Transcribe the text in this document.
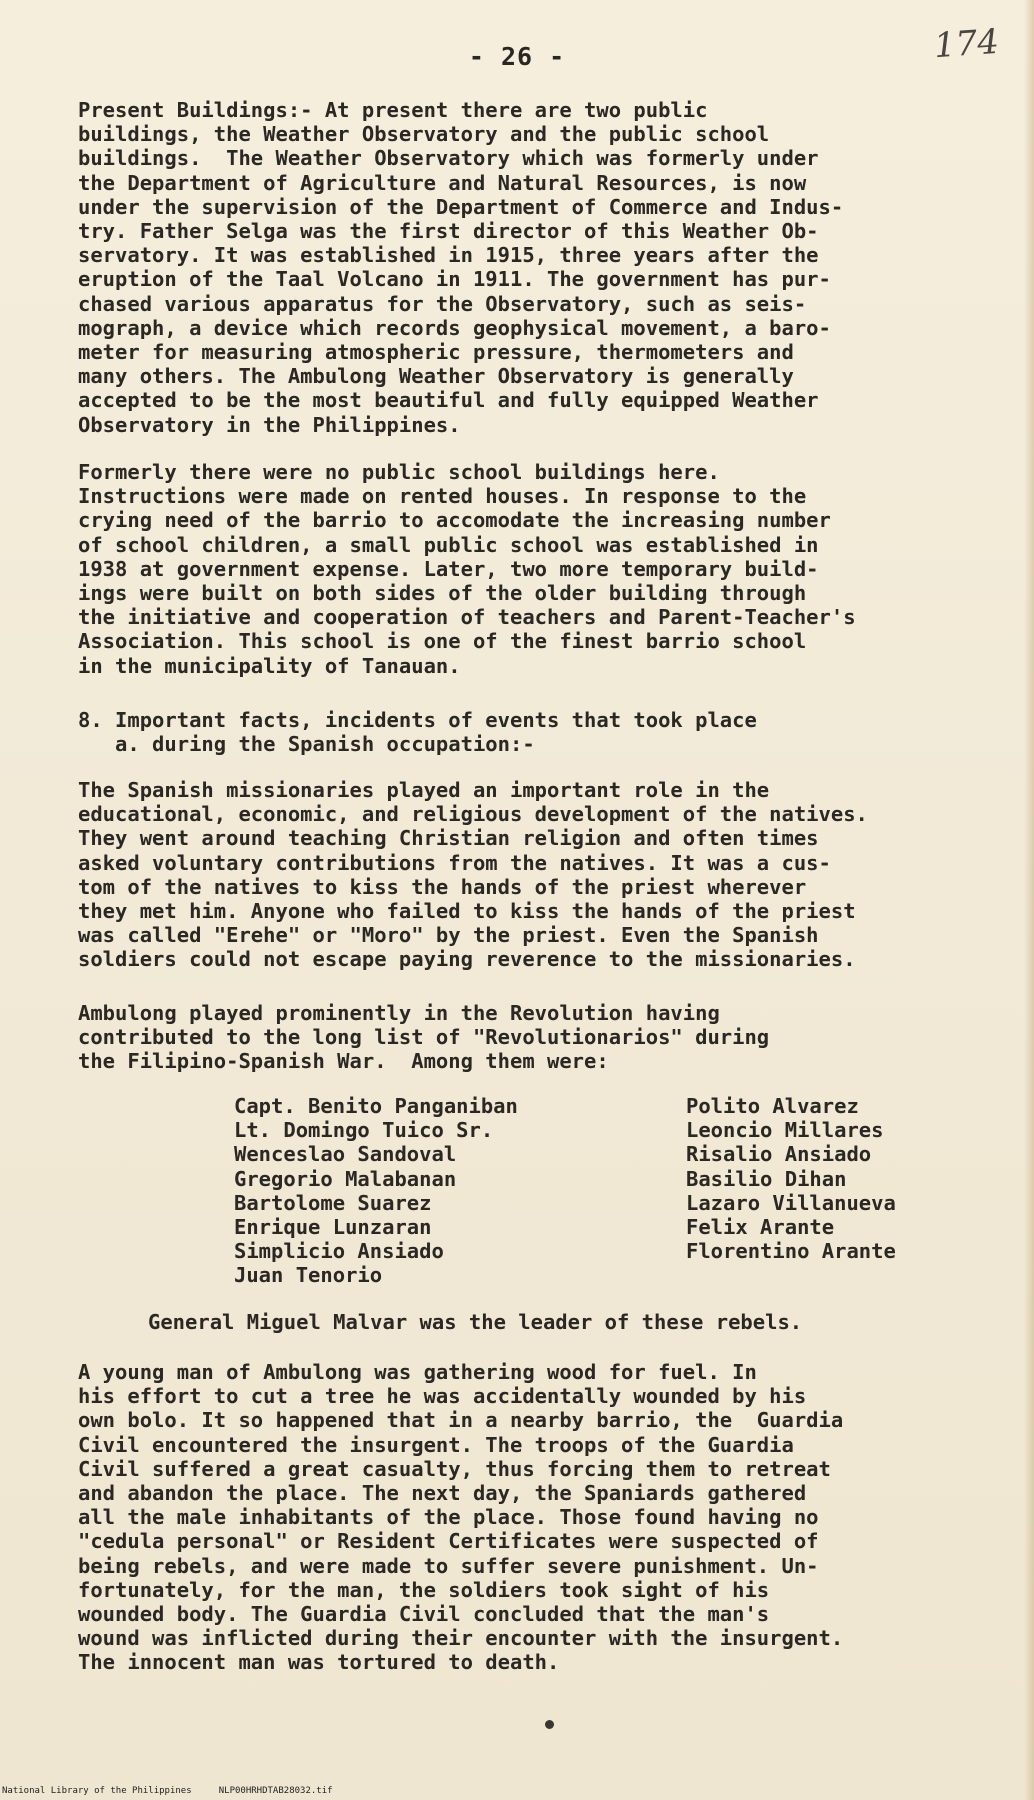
- 26 -	174
Present Buildings:- At present there are two public
buildings, the Weather Observatory and the public school
buildings.  The Weather Observatory which was formerly under
the Department of Agriculture and Natural Resources, is now
under the supervision of the Department of Commerce and Indus-
try. Father Selga was the first director of this Weather Ob-
servatory. It was established in 1915, three years after the
eruption of the Taal Volcano in 1911. The government has pur-
chased various apparatus for the Observatory, such as seis-
mograph, a device which records geophysical movement, a baro-
meter for measuring atmospheric pressure, thermometers and
many others. The Ambulong Weather Observatory is generally
accepted to be the most beautiful and fully equipped Weather
Observatory in the Philippines.
Formerly there were no public school buildings here.
Instructions were made on rented houses. In response to the
crying need of the barrio to accomodate the increasing number
of school children, a small public school was established in
1938 at government expense. Later, two more temporary build-
ings were built on both sides of the older building through
the initiative and cooperation of teachers and Parent-Teacher's
Association. This school is one of the finest barrio school
in the municipality of Tanauan.
8. Important facts, incidents of events that took place
a. during the Spanish occupation:-
The Spanish missionaries played an important role in the
educational, economic, and religious development of the natives.
They went around teaching Christian religion and often times
asked voluntary contributions from the natives. It was a cus-
tom of the natives to kiss the hands of the priest wherever
they met him. Anyone who failed to kiss the hands of the priest
was called "Erehe" or "Moro" by the priest. Even the Spanish
soldiers could not escape paying reverence to the missionaries.
Ambulong played prominently in the Revolution having
contributed to the long list of "Revolutionarios" during
the Filipino-Spanish War.  Among them were:
Capt. Benito Panganiban
Lt. Domingo Tuico Sr.
Wenceslao Sandoval
Gregorio Malabanan
Bartolome Suarez
Enrique Lunzaran
Simplicio Ansiado
Juan Tenorio
Polito Alvarez
Leoncio Millares
Risalio Ansiado
Basilio Dihan
Lazaro Villanueva
Felix Arante
Florentino Arante
General Miguel Malvar was the leader of these rebels.
A young man of Ambulong was gathering wood for fuel. In
his effort to cut a tree he was accidentally wounded by his
own bolo. It so happened that in a nearby barrio, the  Guardia
Civil encountered the insurgent. The troops of the Guardia
Civil suffered a great casualty, thus forcing them to retreat
and abandon the place. The next day, the Spaniards gathered
all the male inhabitants of the place. Those found having no
"cedula personal" or Resident Certificates were suspected of
being rebels, and were made to suffer severe punishment. Un-
fortunately, for the man, the soldiers took sight of his
wounded body. The Guardia Civil concluded that the man's
wound was inflicted during their encounter with the insurgent.
The innocent man was tortured to death.
National Library of the Philippines	NLP00HRHDTAB28032.tif
